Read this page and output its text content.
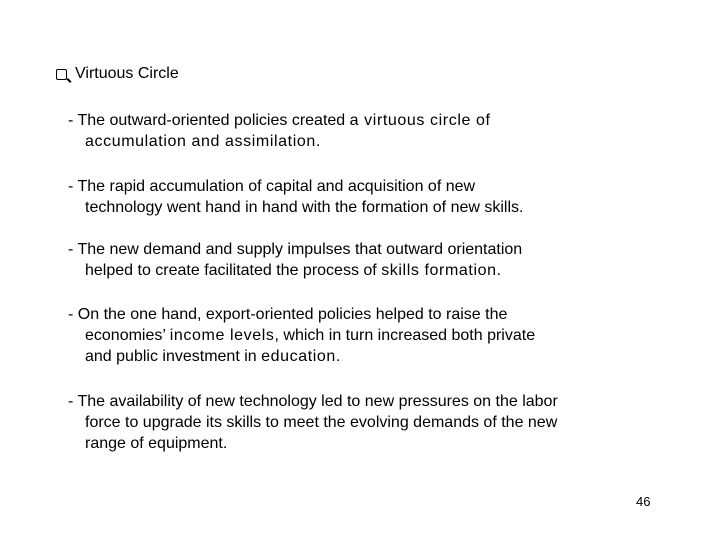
Virtuous Circle

- The outward-oriented policies created a virtuous circle of
accumulation and assimilation.

- The rapid accumulation of capital and acquisition of new
technology went hand in hand with the formation of new skills.

- The new demand and supply impulses that outward orientation
helped to create facilitated the process of skills formation.

- On the one hand, export-oriented policies helped to raise the
economies’ income levels, which in turn increased both private
and public investment in education.

- The availability of new technology led to new pressures on the labor
force to upgrade its skills to meet the evolving demands of the new
range of equipment.

46
